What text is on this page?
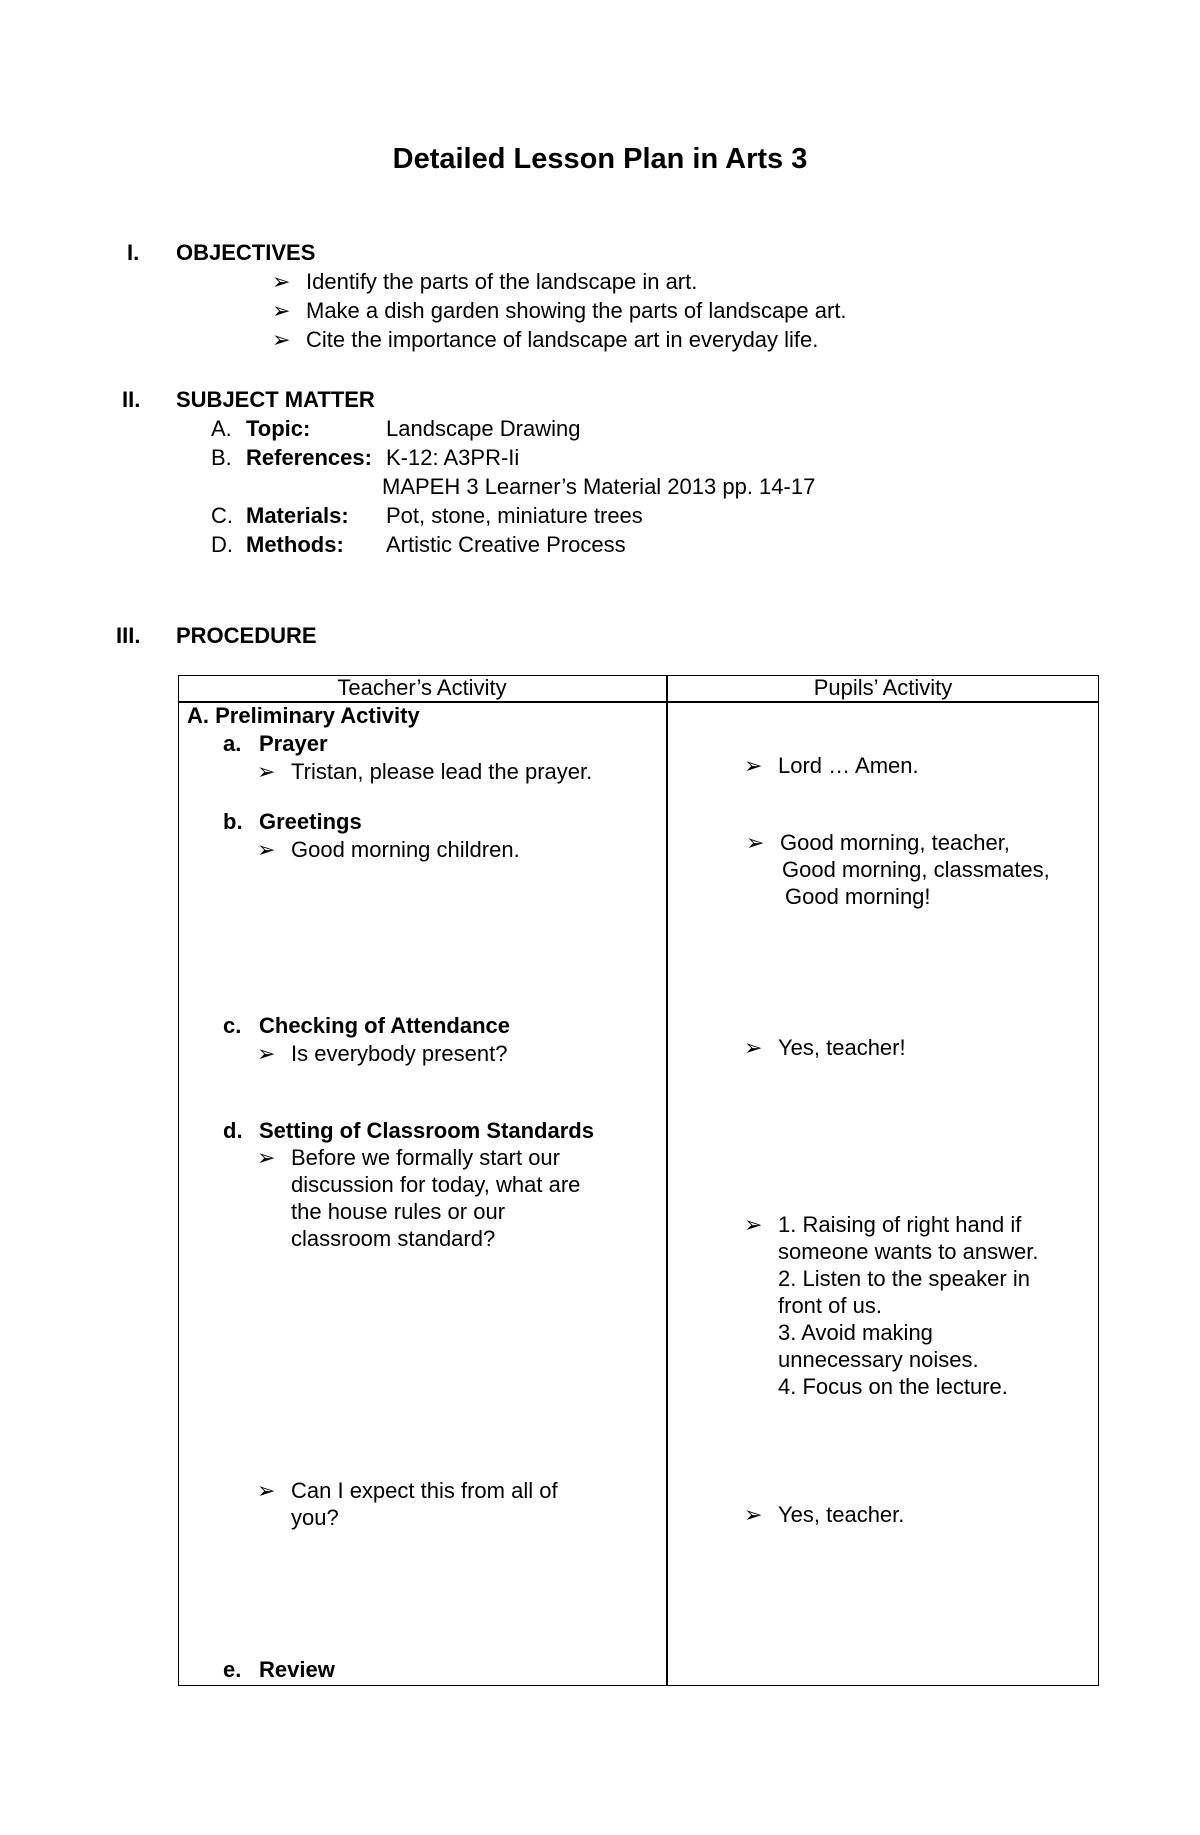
Detailed Lesson Plan in Arts 3
I. OBJECTIVES
➢ Identify the parts of the landscape in art.
➢ Make a dish garden showing the parts of landscape art.
➢ Cite the importance of landscape art in everyday life.
II. SUBJECT MATTER
A. Topic:	Landscape Drawing
B. References: K-12: A3PR-Ii
MAPEH 3 Learner’s Material 2013 pp. 14-17
C. Materials: Pot, stone, miniature trees
D. Methods: Artistic Creative Process
III. PROCEDURE
Teacher’s Activity	Pupils’ Activity
A. Preliminary Activity
a. Prayer
➢ Tristan, please lead the prayer.
b. Greetings
➢ Good morning children.
c. Checking of Attendance
➢ Is everybody present?
d. Setting of Classroom Standards
➢ Before we formally start our
discussion for today, what are
the house rules or our
classroom standard?
➢ Can I expect this from all of
you?
e. Review
➢ Lord … Amen.
➢ Good morning, teacher,
Good morning, classmates,
Good morning!
➢ Yes, teacher!
➢ 1. Raising of right hand if
someone wants to answer.
2. Listen to the speaker in
front of us.
3. Avoid making
unnecessary noises.
4. Focus on the lecture.
➢ Yes, teacher.
